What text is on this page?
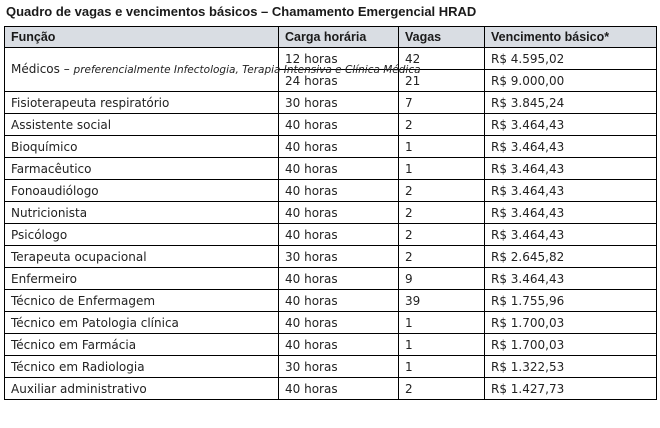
Quadro de vagas e vencimentos básicos – Chamamento Emergencial HRAD
Função	Carga horária	Vagas	Vencimento básico*
Médicos – preferencialmente Infectologia, Terapia Intensiva e Clínica Médica	12 horas	42	R$ 4.595,02
	24 horas	21	R$ 9.000,00
Fisioterapeuta respiratório	30 horas	7	R$ 3.845,24
Assistente social	40 horas	2	R$ 3.464,43
Bioquímico	40 horas	1	R$ 3.464,43
Farmacêutico	40 horas	1	R$ 3.464,43
Fonoaudiólogo	40 horas	2	R$ 3.464,43
Nutricionista	40 horas	2	R$ 3.464,43
Psicólogo	40 horas	2	R$ 3.464,43
Terapeuta ocupacional	30 horas	2	R$ 2.645,82
Enfermeiro	40 horas	9	R$ 3.464,43
Técnico de Enfermagem	40 horas	39	R$ 1.755,96
Técnico em Patologia clínica	40 horas	1	R$ 1.700,03
Técnico em Farmácia	40 horas	1	R$ 1.700,03
Técnico em Radiologia	30 horas	1	R$ 1.322,53
Auxiliar administrativo	40 horas	2	R$ 1.427,73
